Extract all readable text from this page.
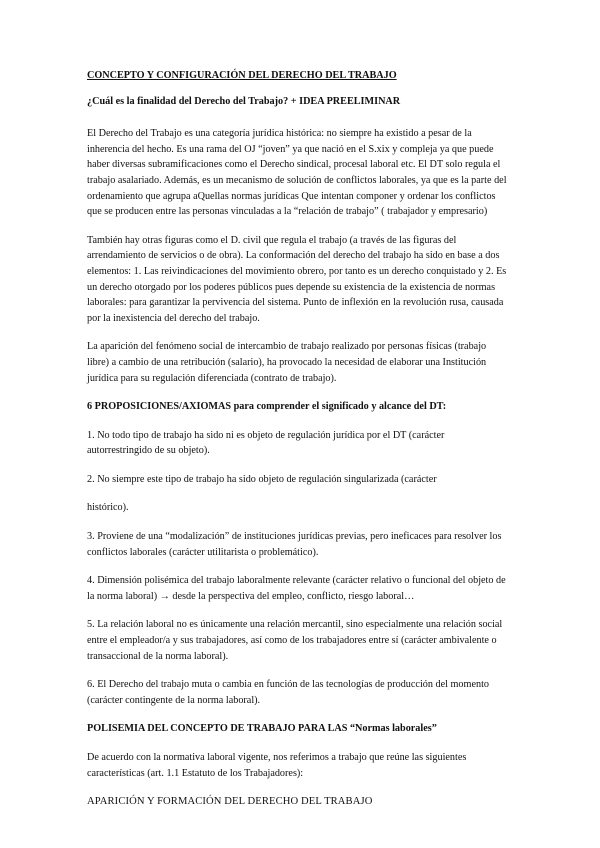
CONCEPTO Y CONFIGURACIÓN DEL DERECHO DEL TRABAJO

¿Cuál es la finalidad del Derecho del Trabajo? + IDEA PREELIMINAR

El Derecho del Trabajo es una categoría jurídica histórica: no siempre ha existido a pesar de la inherencia del hecho. Es una rama del OJ “joven” ya que nació en el S.xix y compleja ya que puede haber diversas subramificaciones como el Derecho sindical, procesal laboral etc. El DT solo regula el trabajo asalariado. Además, es un mecanismo de solución de conflictos laborales, ya que es la parte del ordenamiento que agrupa aQuellas normas jurídicas Que intentan componer y ordenar los conflictos que se producen entre las personas vinculadas a la “relación de trabajo” ( trabajador y empresario)

También hay otras figuras como el D. civil que regula el trabajo (a través de las figuras del arrendamiento de servicios o de obra). La conformación del derecho del trabajo ha sido en base a dos elementos: 1. Las reivindicaciones del movimiento obrero, por tanto es un derecho conquistado y 2. Es un derecho otorgado por los poderes públicos pues depende su existencia de la existencia de normas laborales: para garantizar la pervivencia del sistema. Punto de inflexión en la revolución rusa, causada por la inexistencia del derecho del trabajo.

La aparición del fenómeno social de intercambio de trabajo realizado por personas físicas (trabajo libre) a cambio de una retribución (salario), ha provocado la necesidad de elaborar una Institución jurídica para su regulación diferenciada (contrato de trabajo).

6 PROPOSICIONES/AXIOMAS para comprender el significado y alcance del DT:

1. No todo tipo de trabajo ha sido ni es objeto de regulación jurídica por el DT (carácter autorrestringido de su objeto).

2. No siempre este tipo de trabajo ha sido objeto de regulación singularizada (carácter

histórico).

3. Proviene de una “modalización” de instituciones jurídicas previas, pero ineficaces para resolver los conflictos laborales (carácter utilitarista o problemático).

4. Dimensión polisémica del trabajo laboralmente relevante (carácter relativo o funcional del objeto de la norma laboral) → desde la perspectiva del empleo, conflicto, riesgo laboral…

5. La relación laboral no es únicamente una relación mercantil, sino especialmente una relación social entre el empleador/a y sus trabajadores, así como de los trabajadores entre sí (carácter ambivalente o transaccional de la norma laboral).

6. El Derecho del trabajo muta o cambia en función de las tecnologías de producción del momento (carácter contingente de la norma laboral).

POLISEMIA DEL CONCEPTO DE TRABAJO PARA LAS “Normas laborales”

De acuerdo con la normativa laboral vigente, nos referimos a trabajo que reúne las siguientes características (art. 1.1 Estatuto de los Trabajadores):

APARICIÓN Y FORMACIÓN DEL DERECHO DEL TRABAJO
